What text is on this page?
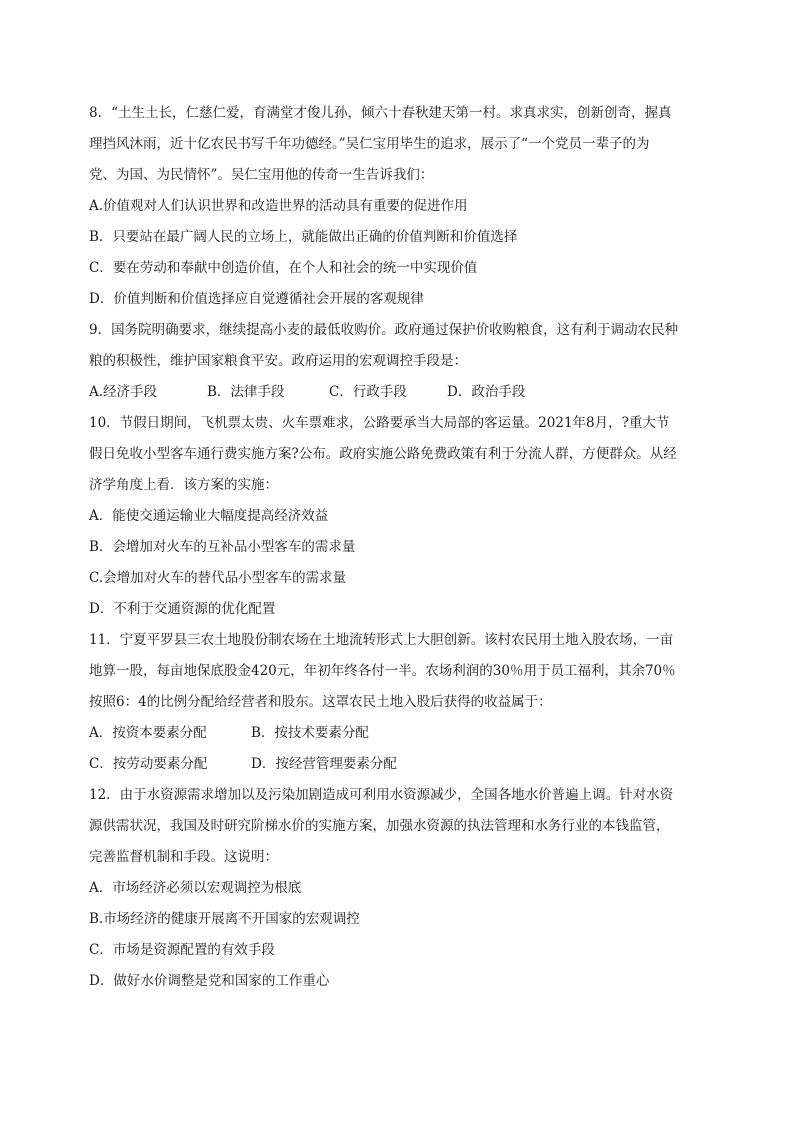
8．“土生土长，仁慈仁爱，育满堂才俊儿孙，倾六十春秋建天第一村。求真求实，创新创奇，握真
理挡风沐雨，近十亿农民书写千年功德经。”吴仁宝用毕生的追求，展示了“一个党员一辈子的为
党、为国、为民情怀”。吴仁宝用他的传奇一生告诉我们：
A.价值观对人们认识世界和改造世界的活动具有重要的促进作用
B．只要站在最广阔人民的立场上，就能做出正确的价值判断和价值选择
C．要在劳动和奉献中创造价值，在个人和社会的统一中实现价值
D．价值判断和价值选择应自觉遵循社会开展的客观规律
9．国务院明确要求，继续提高小麦的最低收购价。政府通过保护价收购粮食，这有利于调动农民种
粮的积极性，维护国家粮食平安。政府运用的宏观调控手段是：
A.经济手段	B．法律手段	C．行政手段	D．政治手段
10．节假日期间，飞机票太贵、火车票难求，公路要承当大局部的客运量。2021年8月，?重大节
假日免收小型客车通行费实施方案?公布。政府实施公路免费政策有利于分流人群，方便群众。从经
济学角度上看．该方案的实施：
A．能使交通运输业大幅度提高经济效益
B．会增加对火车的互补品小型客车的需求量
C.会增加对火车的替代品小型客车的需求量
D．不利于交通资源的优化配置
11．宁夏平罗县三农土地股份制农场在土地流转形式上大胆创新。该村农民用土地入股农场，一亩
地算一股，每亩地保底股金420元，年初年终各付一半。农场利润的30％用于员工福利，其余70％
按照6：4的比例分配给经营者和股东。这罩农民土地入股后获得的收益属于：
A．按资本要素分配	B．按技术要素分配
C．按劳动要素分配	D．按经营管理要素分配
12．由于水资源需求增加以及污染加剧造成可利用水资源减少，全国各地水价普遍上调。针对水资
源供需状况，我国及时研究阶梯水价的实施方案，加强水资源的执法管理和水务行业的本钱监管，
完善监督机制和手段。这说明：
A．市场经济必须以宏观调控为根底
B.市场经济的健康开展离不开国家的宏观调控
C．市场是资源配置的有效手段
D．做好水价调整是党和国家的工作重心
